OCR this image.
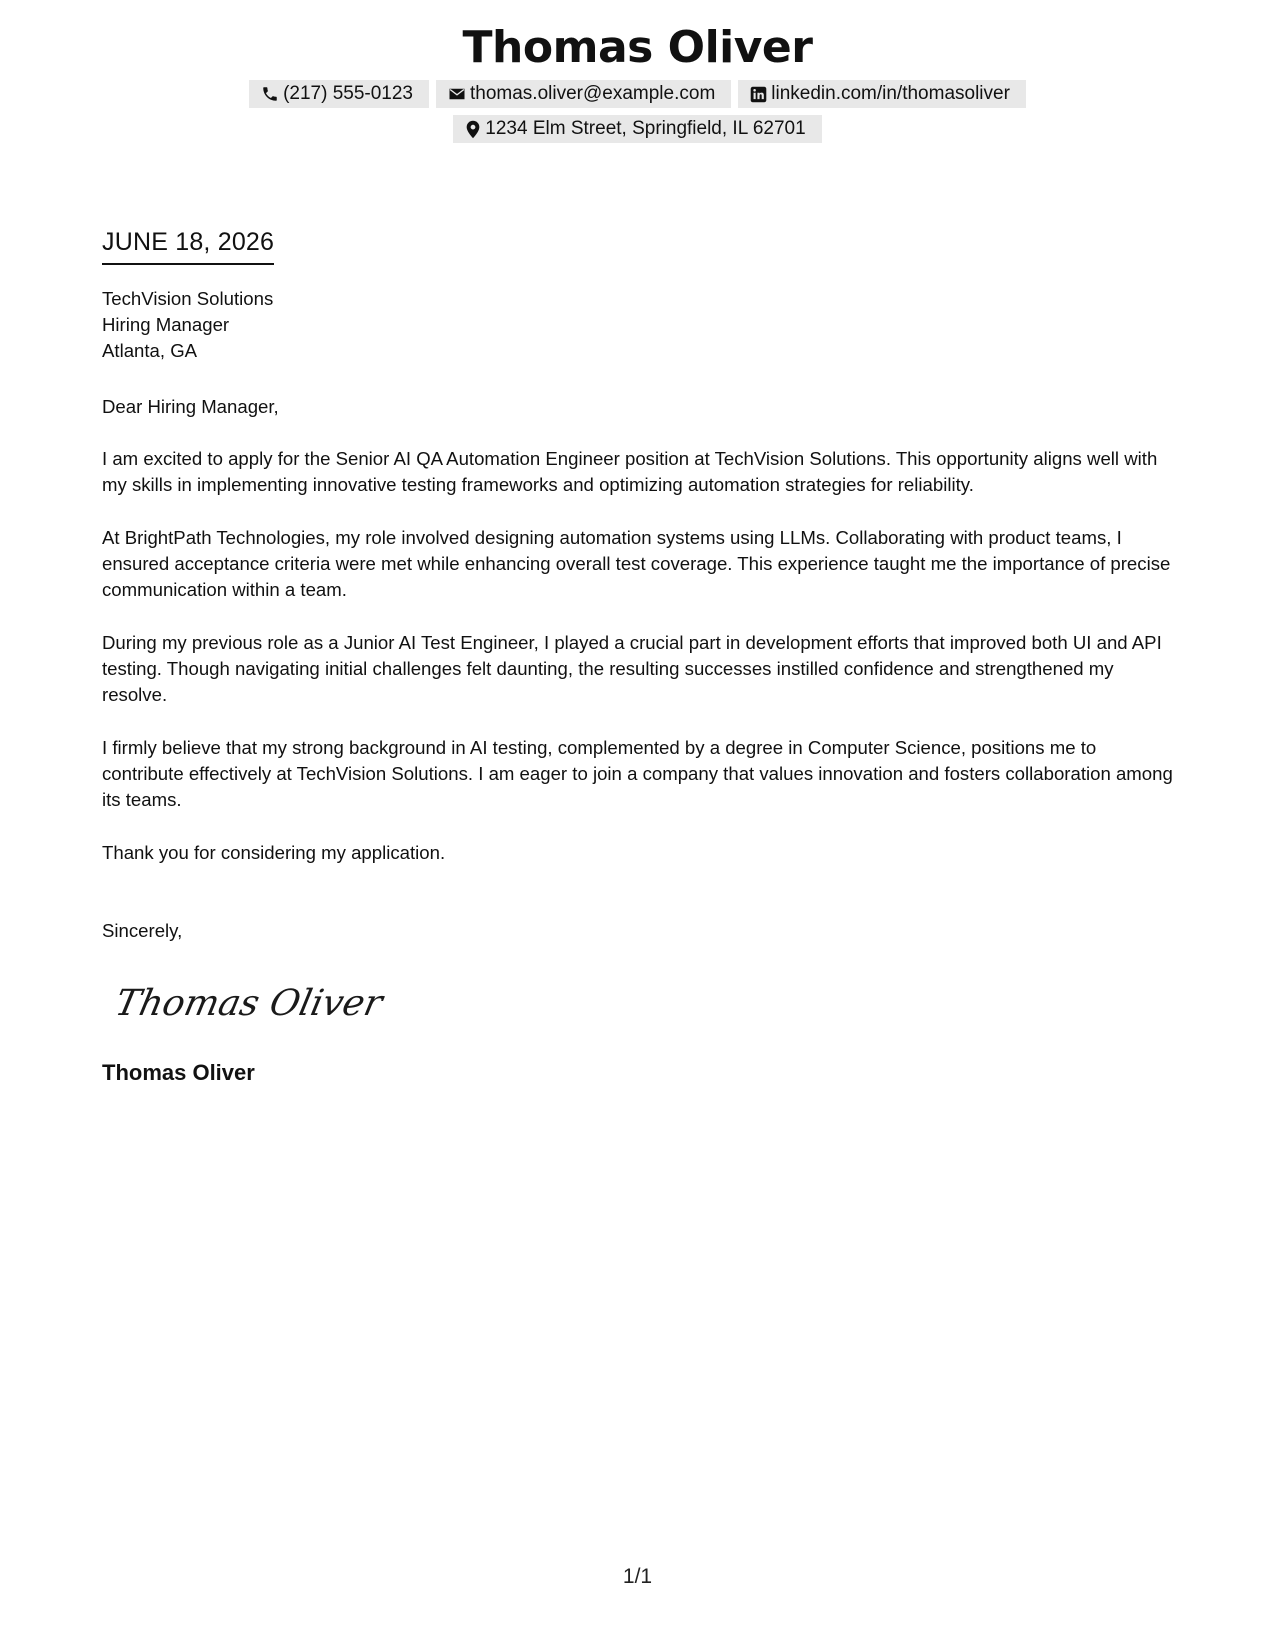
Thomas Oliver
(217) 555-0123	thomas.oliver@example.com	linkedin.com/in/thomasoliver
1234 Elm Street, Springfield, IL 62701
JUNE 18, 2026
TechVision Solutions
Hiring Manager
Atlanta, GA
Dear Hiring Manager,
I am excited to apply for the Senior AI QA Automation Engineer position at TechVision Solutions. This opportunity aligns well with my skills in implementing innovative testing frameworks and optimizing automation strategies for reliability.
At BrightPath Technologies, my role involved designing automation systems using LLMs. Collaborating with product teams, I ensured acceptance criteria were met while enhancing overall test coverage. This experience taught me the importance of precise communication within a team.
During my previous role as a Junior AI Test Engineer, I played a crucial part in development efforts that improved both UI and API testing. Though navigating initial challenges felt daunting, the resulting successes instilled confidence and strengthened my resolve.
I firmly believe that my strong background in AI testing, complemented by a degree in Computer Science, positions me to contribute effectively at TechVision Solutions. I am eager to join a company that values innovation and fosters collaboration among its teams.
Thank you for considering my application.
Sincerely,
Thomas Oliver
Thomas Oliver
1/1
